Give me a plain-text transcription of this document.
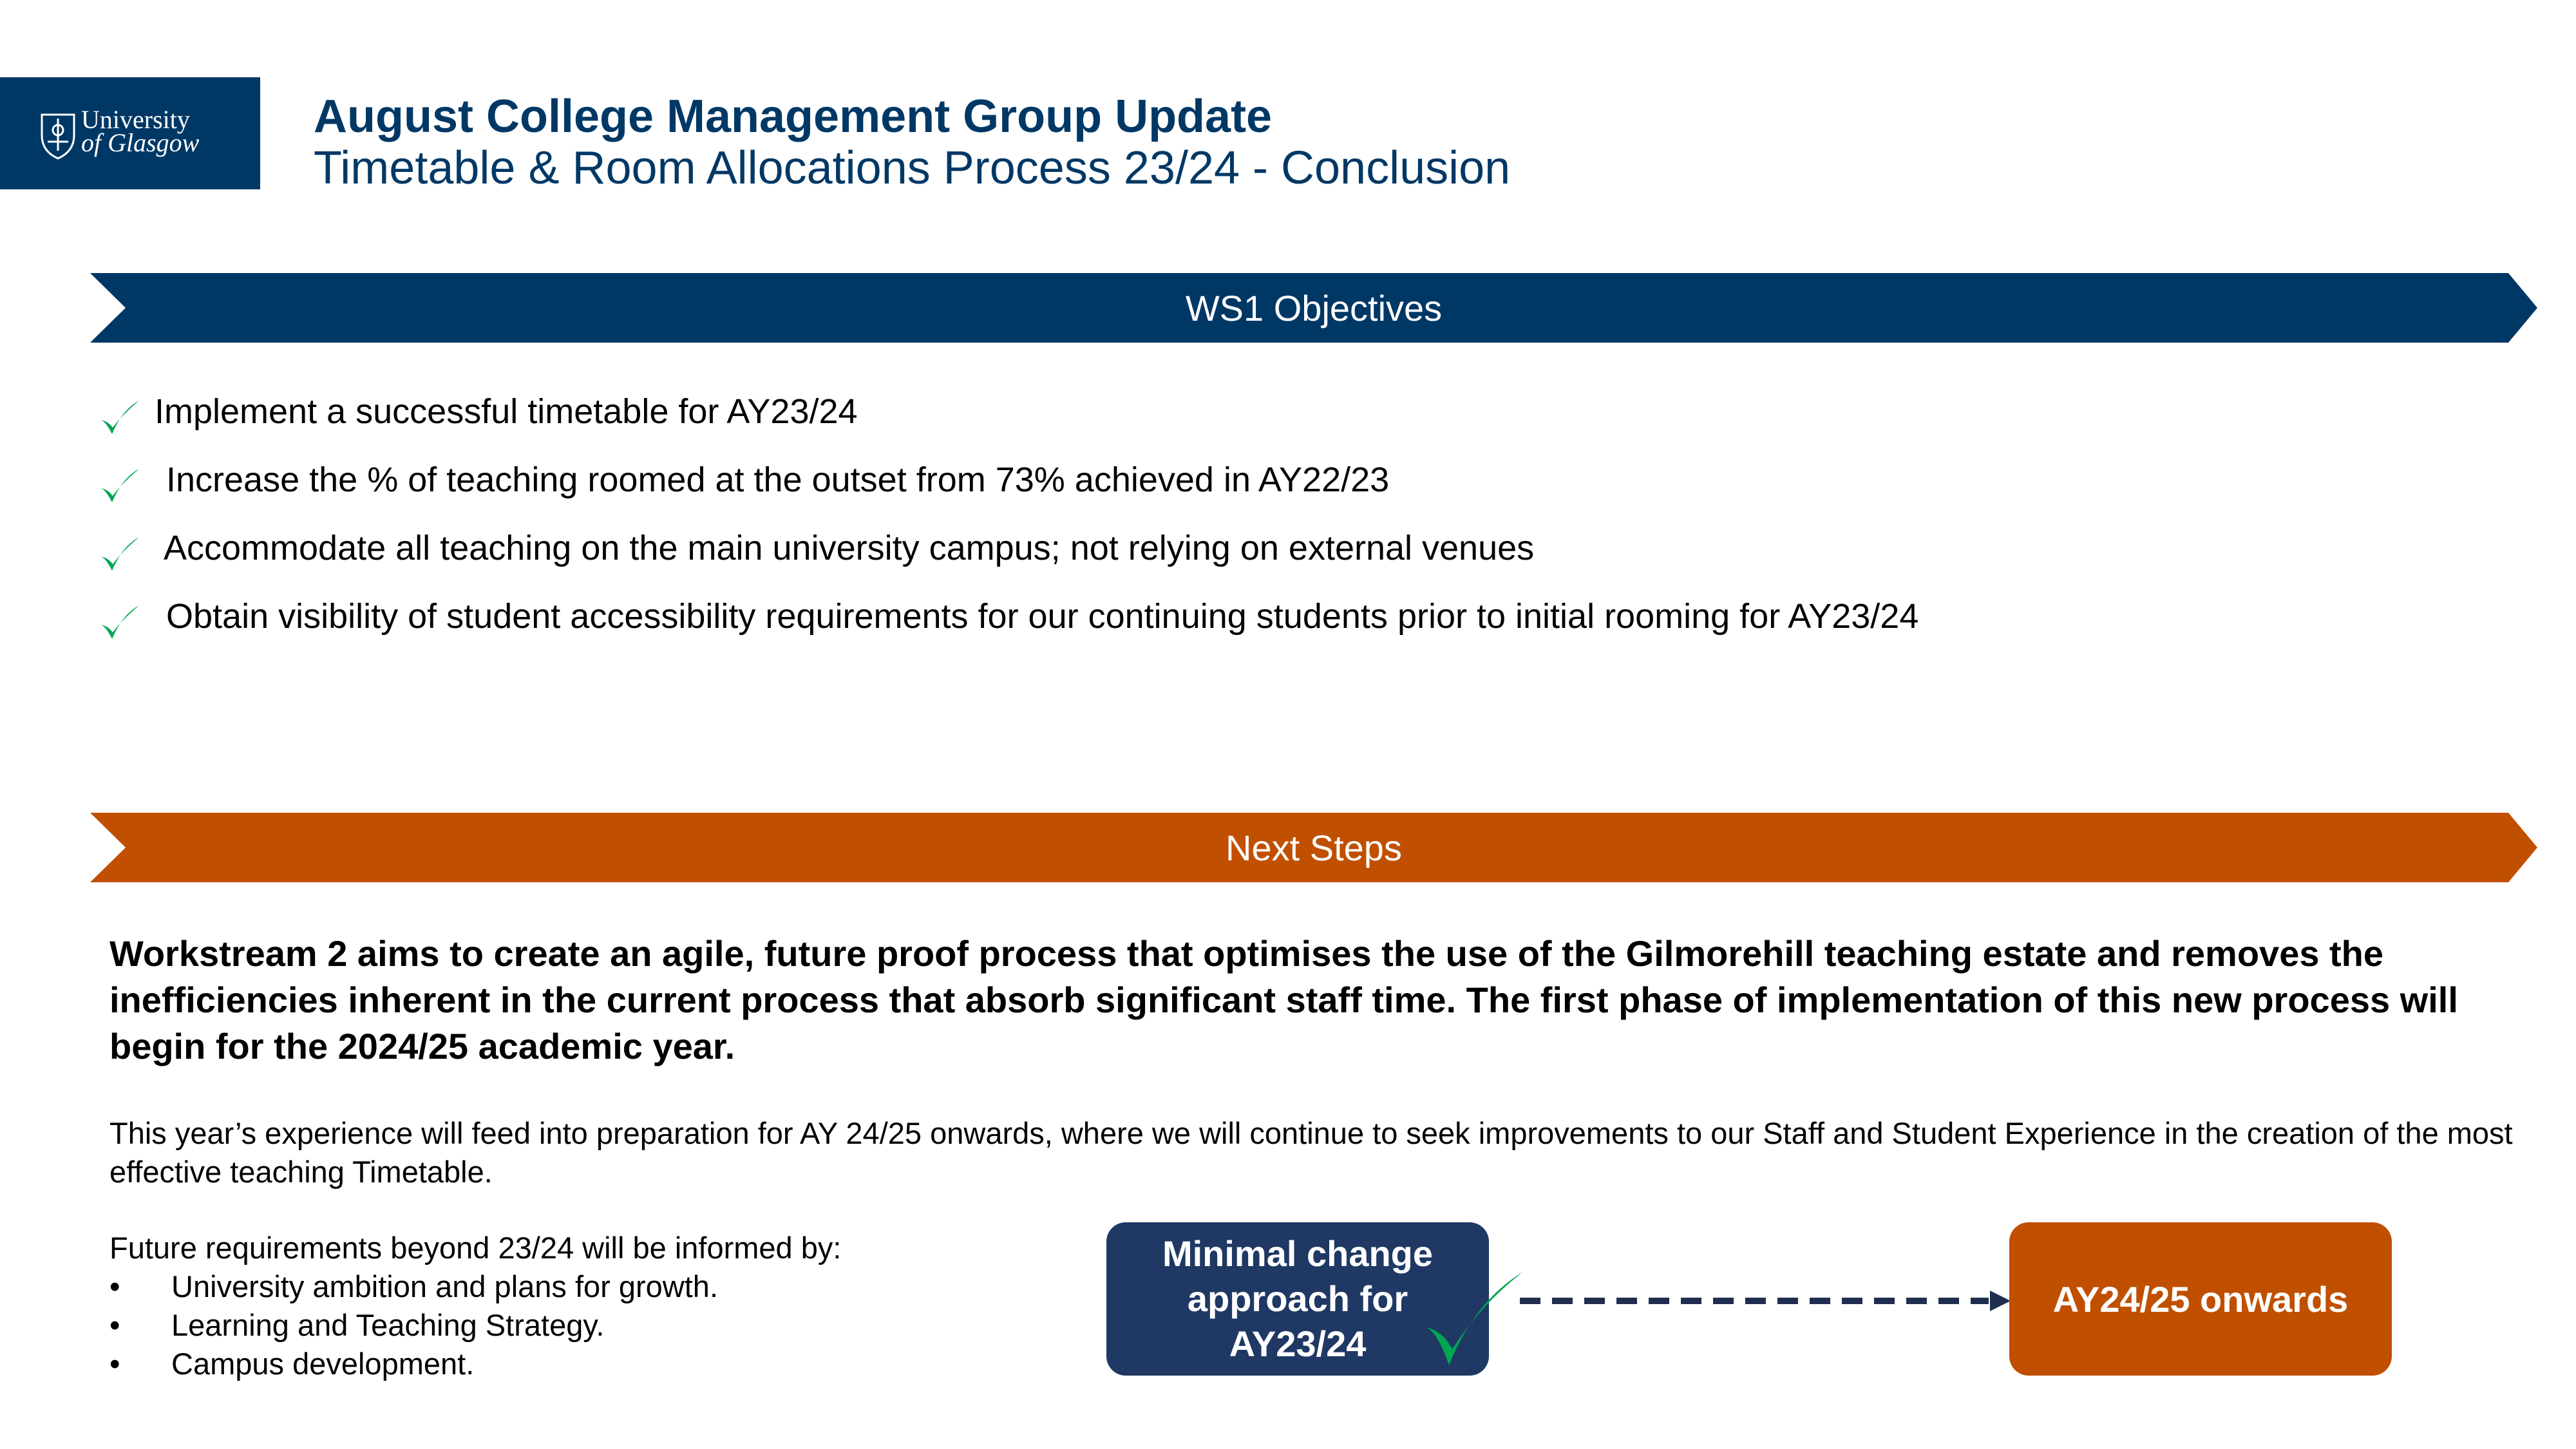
University
of Glasgow
August College Management Group Update
Timetable & Room Allocations Process 23/24 - Conclusion
WS1 Objectives
Implement a successful timetable for AY23/24
Increase the % of teaching roomed at the outset from 73% achieved in AY22/23
Accommodate all teaching on the main university campus; not relying on external venues
Obtain visibility of student accessibility requirements for our continuing students prior to initial rooming for AY23/24
Next Steps
Workstream 2 aims to create an agile, future proof process that optimises the use of the Gilmorehill teaching estate and removes the inefficiencies inherent in the current process that absorb significant staff time. The first phase of implementation of this new process will begin for the 2024/25 academic year.
This year’s experience will feed into preparation for AY 24/25 onwards, where we will continue to seek improvements to our Staff and Student Experience in the creation of the most effective teaching Timetable.
Future requirements beyond 23/24 will be informed by:
• University ambition and plans for growth.
• Learning and Teaching Strategy.
• Campus development.
Minimal change
approach for
AY23/24
AY24/25 onwards
